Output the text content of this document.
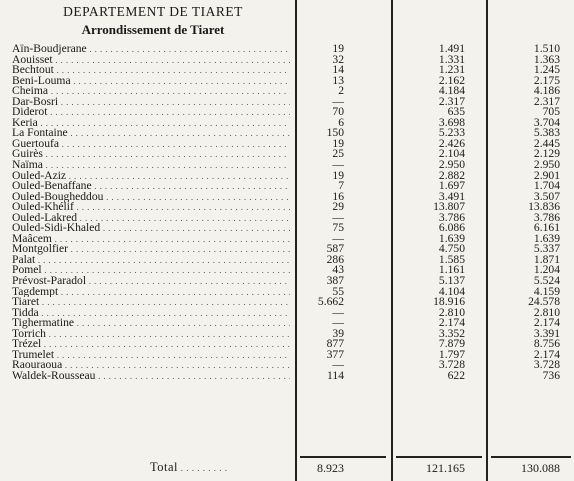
DEPARTEMENT DE TIARET
Arrondissement de Tiaret
Aïn-Boudjerane . . .	19	1.491	1.510
Aouisset . . .	32	1.331	1.363
Bechtout . . .	14	1.231	1.245
Beni-Louma . . .	13	2.162	2.175
Cheima . . .	2	4.184	4.186
Dar-Bosri . . .	—	2.317	2.317
Diderot . . .	70	635	705
Keria . . .	6	3.698	3.704
La Fontaine . . .	150	5.233	5.383
Guertoufa . . .	19	2.426	2.445
Guirès . . .	25	2.104	2.129
Naïma . . .	—	2.950	2.950
Ouled-Aziz . . .	19	2.882	2.901
Ouled-Benaffane . . .	7	1.697	1.704
Ouled-Bougheddou . . .	16	3.491	3.507
Ouled-Khélif . . .	29	13.807	13.836
Ouled-Lakred . . .	—	3.786	3.786
Ouled-Sidi-Khaled . . .	75	6.086	6.161
Maâcem . . .	—	1.639	1.639
Montgolfier . . .	587	4.750	5.337
Palat . . .	286	1.585	1.871
Pomel . . .	43	1.161	1.204
Prévost-Paradol . . .	387	5.137	5.524
Tagdempt . . .	55	4.104	4.159
Tiaret . . .	5.662	18.916	24.578
Tidda . . .	—	2.810	2.810
Tighermatine . . .	—	2.174	2.174
Torrich . . .	39	3.352	3.391
Trézel . . .	877	7.879	8.756
Trumelet . . .	377	1.797	2.174
Raouraoua . . .	—	3.728	3.728
Waldek-Rousseau . . .	114	622	736
Total . . .	8.923	121.165	130.088
